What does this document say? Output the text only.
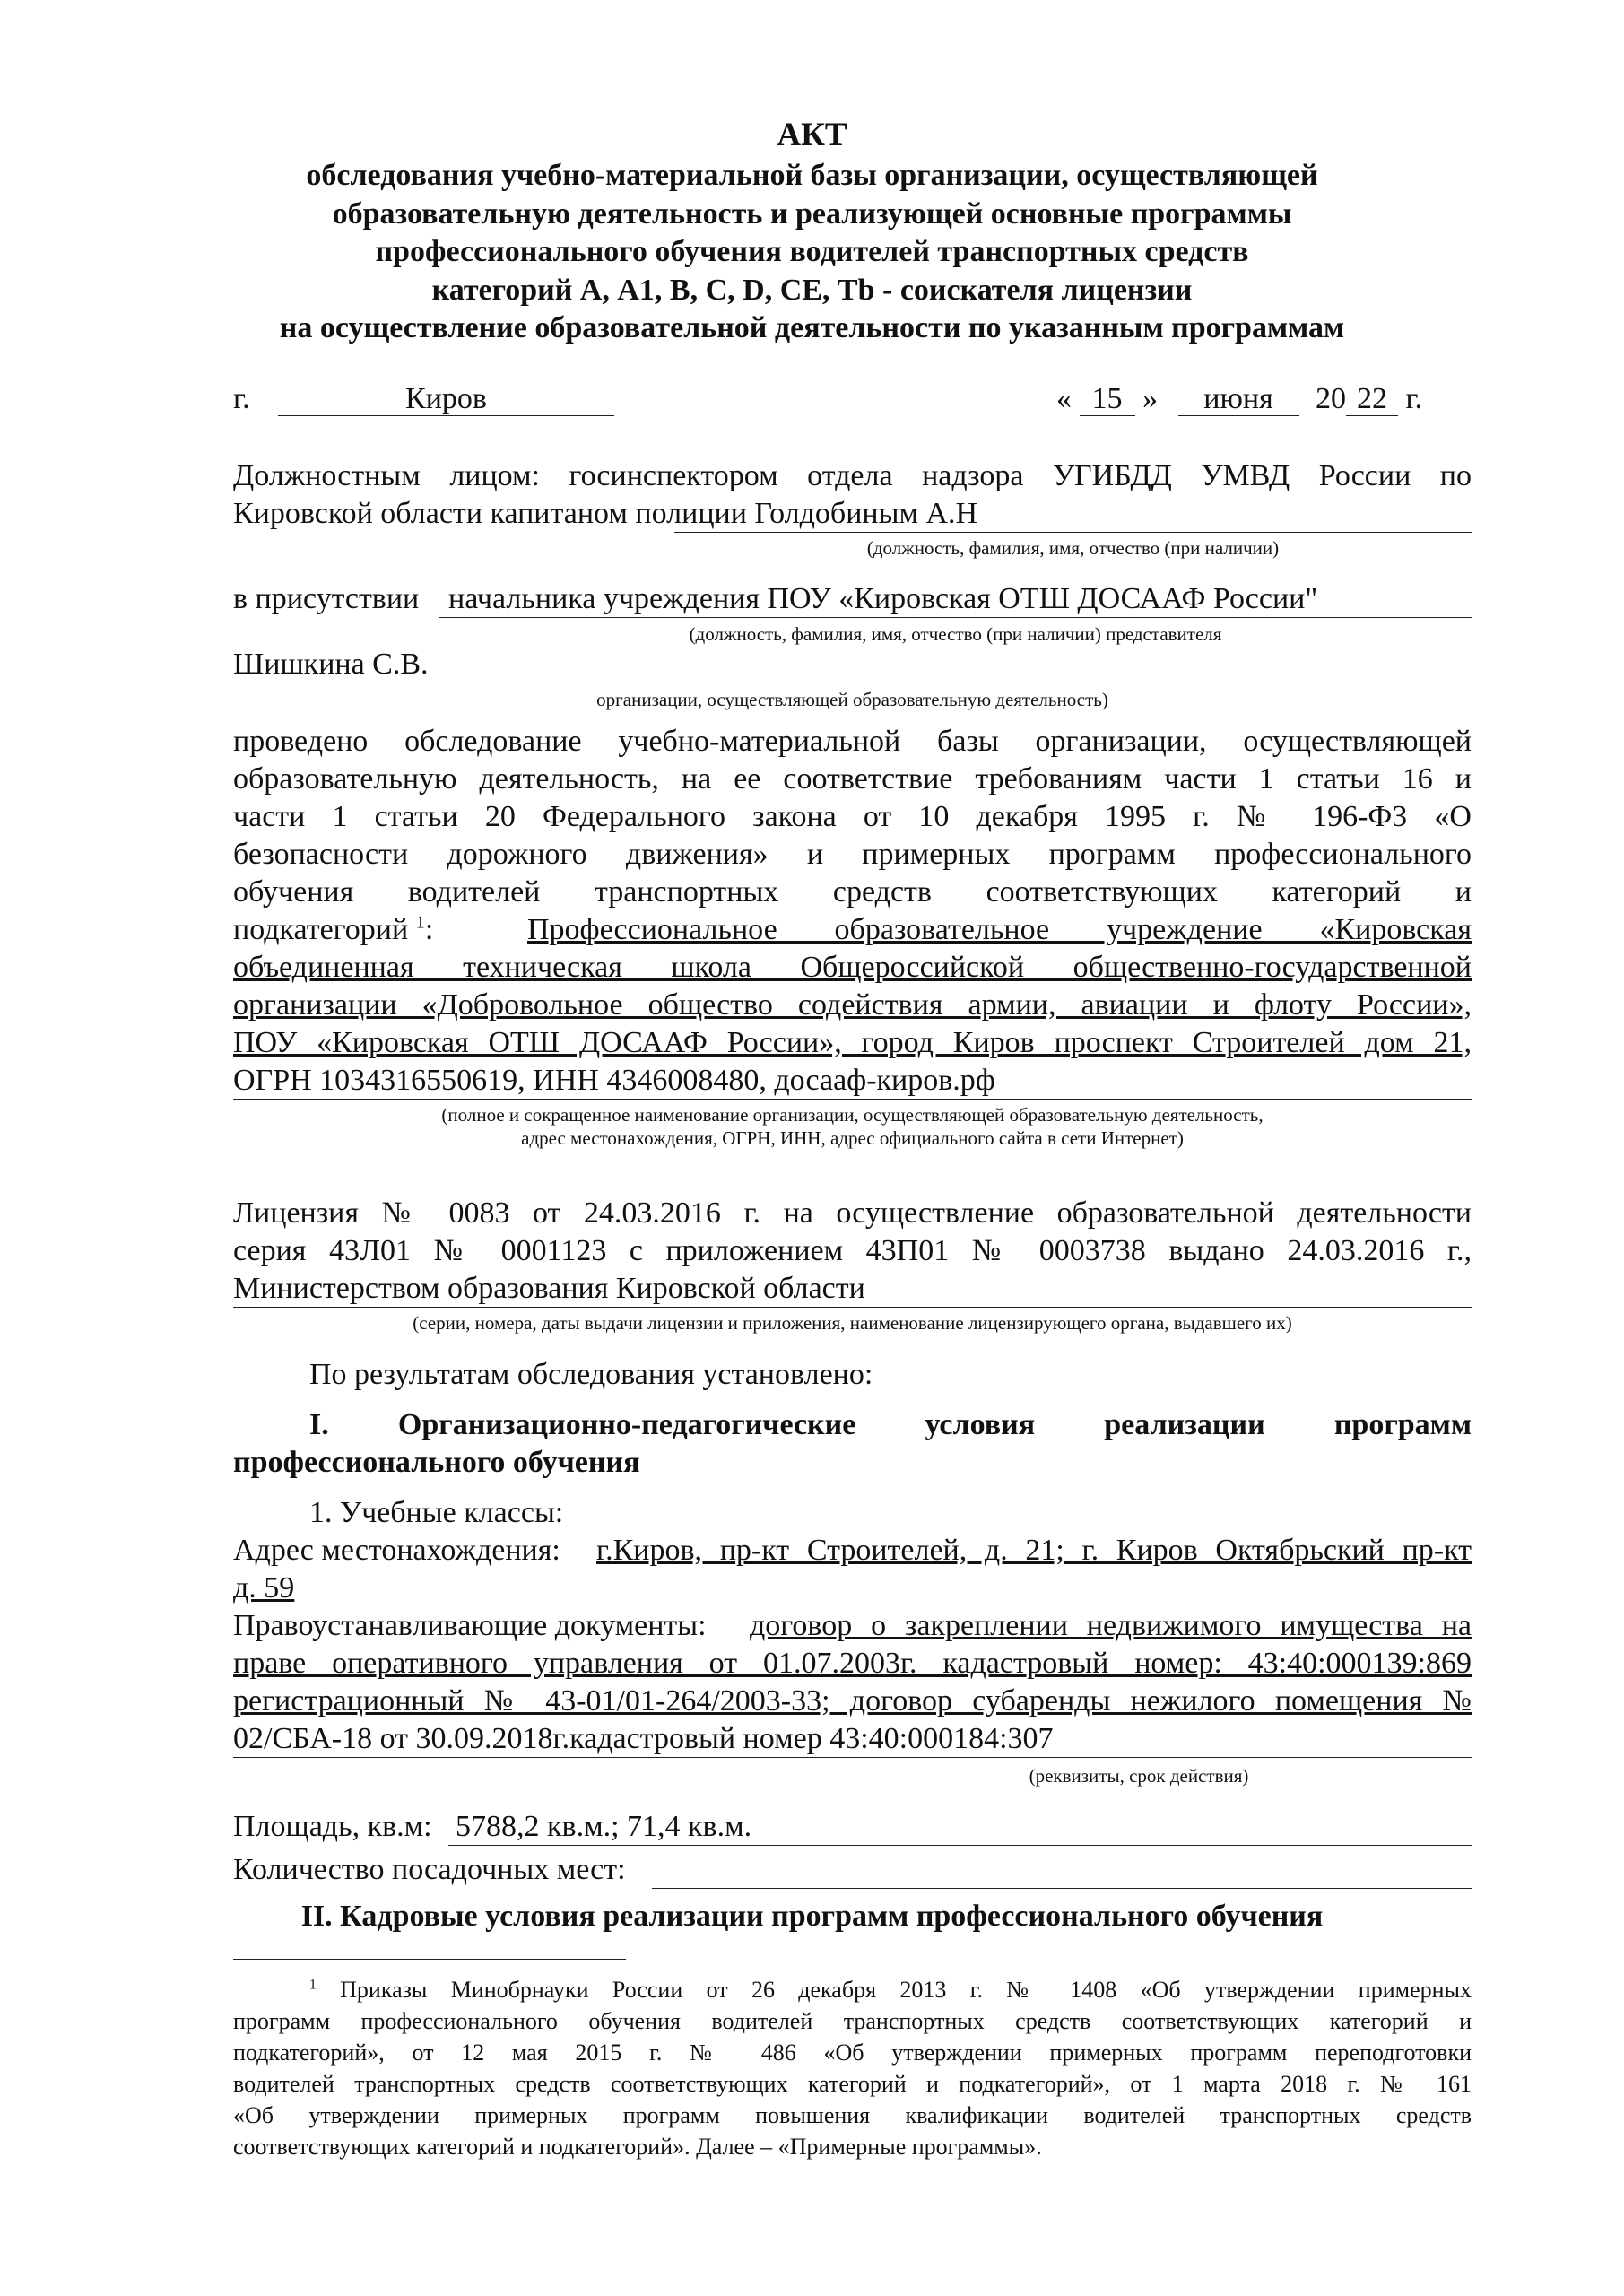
АКТ
обследования учебно-материальной базы организации, осуществляющей
образовательную деятельность и реализующей основные программы
профессионального обучения водителей транспортных средств
категорий А, А1, В, С, D, СЕ, Tb - соискателя лицензии
на осуществление образовательной деятельности по указанным программам
г.	Киров	« 15 » июня 20 22 г.
Должностным лицом: госинспектором отдела надзора УГИБДД УМВД России по
Кировской области капитаном полиции Голдобиным А.Н
(должность, фамилия, имя, отчество (при наличии)
в присутствии начальника учреждения ПОУ «Кировская ОТШ ДОСААФ России"
(должность, фамилия, имя, отчество (при наличии) представителя
Шишкина С.В.
организации, осуществляющей образовательную деятельность)
проведено обследование учебно-материальной базы организации, осуществляющей
образовательную деятельность, на ее соответствие требованиям части 1 статьи 16 и
части 1 статьи 20 Федерального закона от 10 декабря 1995 г. № 196-ФЗ «О
безопасности дорожного движения» и примерных программ профессионального
обучения водителей транспортных средств соответствующих категорий и
подкатегорий $^1$:	Профессиональное образовательное учреждение «Кировская
объединенная техническая школа Общероссийской общественно-государственной
организации «Добровольное общество содействия армии, авиации и флоту России»,
ПОУ «Кировская ОТШ ДОСААФ России», город Киров проспект Строителей дом 21,
ОГРН 1034316550619, ИНН 4346008480, досааф-киров.рф
(полное и сокращенное наименование организации, осуществляющей образовательную деятельность,
адрес местонахождения, ОГРН, ИНН, адрес официального сайта в сети Интернет)
Лицензия № 0083 от 24.03.2016 г. на осуществление образовательной деятельности
серия 43Л01 № 0001123 с приложением 43П01 № 0003738 выдано 24.03.2016 г.,
Министерством образования Кировской области
(серии, номера, даты выдачи лицензии и приложения, наименование лицензирующего органа, выдавшего их)
По результатам обследования установлено:
I. Организационно-педагогические условия реализации программ
профессионального обучения
1. Учебные классы:
Адрес местонахождения: г.Киров, пр-кт Строителей, д. 21; г. Киров Октябрьский пр-кт
д. 59
Правоустанавливающие документы: договор о закреплении недвижимого имущества на
праве оперативного управления от 01.07.2003г. кадастровый номер: 43:40:000139:869
регистрационный № 43-01/01-264/2003-33; договор субаренды нежилого помещения №
02/СБА-18 от 30.09.2018г.кадастровый номер 43:40:000184:307
(реквизиты, срок действия)
Площадь, кв.м: 5788,2 кв.м.; 71,4 кв.м.
Количество посадочных мест:
II. Кадровые условия реализации программ профессионального обучения
$^1$ Приказы Минобрнауки России от 26 декабря 2013 г. № 1408 «Об утверждении примерных
программ профессионального обучения водителей транспортных средств соответствующих категорий и
подкатегорий», от 12 мая 2015 г. № 486 «Об утверждении примерных программ переподготовки
водителей транспортных средств соответствующих категорий и подкатегорий», от 1 марта 2018 г. № 161
«Об утверждении примерных программ повышения квалификации водителей транспортных средств
соответствующих категорий и подкатегорий». Далее – «Примерные программы».
